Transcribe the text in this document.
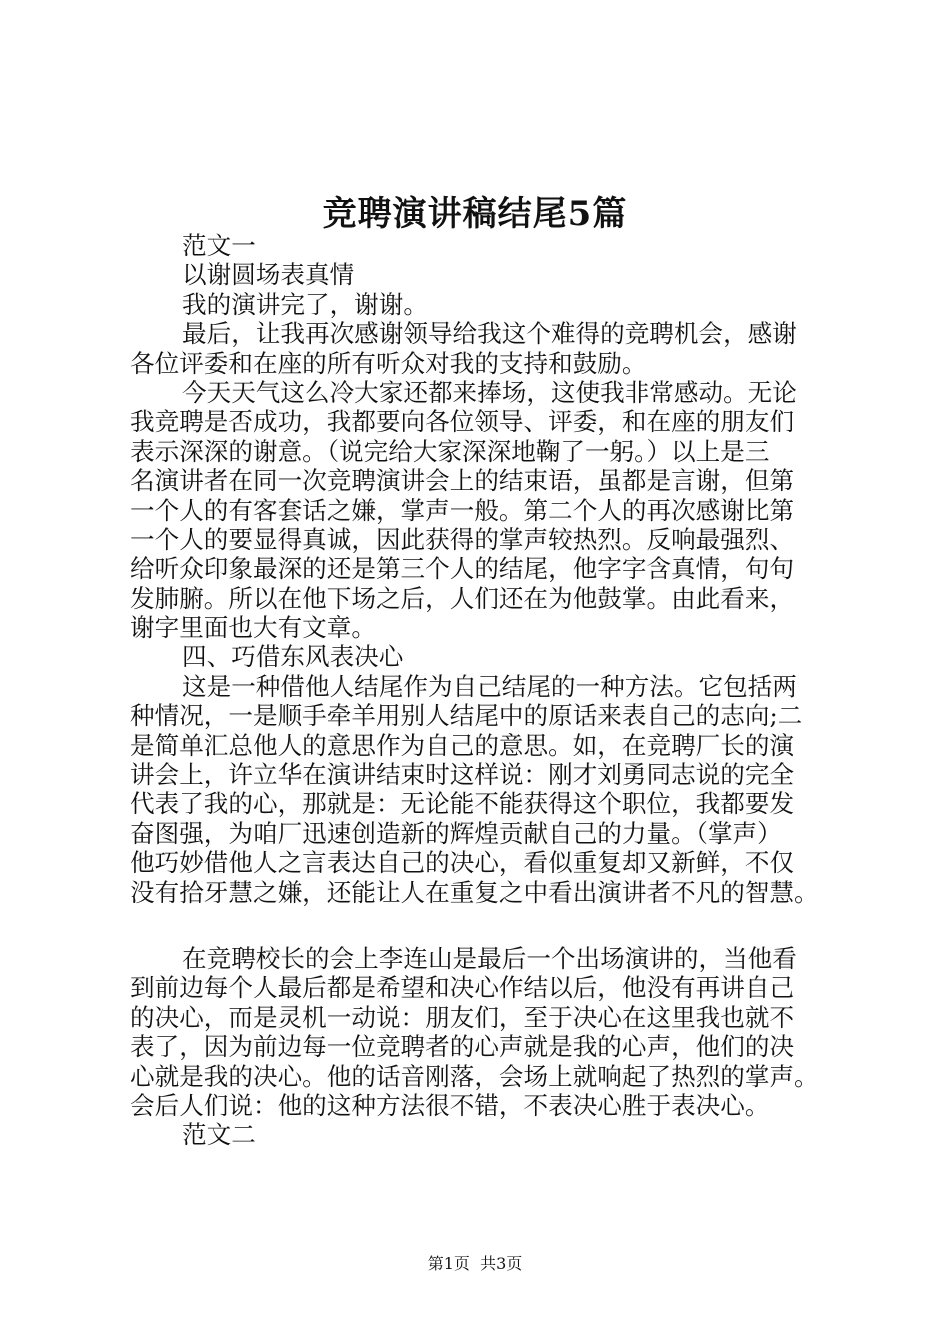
竞聘演讲稿结尾5篇
范文一
以谢圆场表真情
我的演讲完了，谢谢。
最后，让我再次感谢领导给我这个难得的竞聘机会，感谢
各位评委和在座的所有听众对我的支持和鼓励。
今天天气这么冷大家还都来捧场，这使我非常感动。无论
我竞聘是否成功，我都要向各位领导、评委，和在座的朋友们
表示深深的谢意。（说完给大家深深地鞠了一躬。）以上是三
名演讲者在同一次竞聘演讲会上的结束语，虽都是言谢，但第
一个人的有客套话之嫌，掌声一般。第二个人的再次感谢比第
一个人的要显得真诚，因此获得的掌声较热烈。反响最强烈、
给听众印象最深的还是第三个人的结尾，他字字含真情，句句
发肺腑。所以在他下场之后，人们还在为他鼓掌。由此看来，
谢字里面也大有文章。
四、巧借东风表决心
这是一种借他人结尾作为自己结尾的一种方法。它包括两
种情况，一是顺手牵羊用别人结尾中的原话来表自己的志向;二
是简单汇总他人的意思作为自己的意思。如，在竞聘厂长的演
讲会上，许立华在演讲结束时这样说：刚才刘勇同志说的完全
代表了我的心，那就是：无论能不能获得这个职位，我都要发
奋图强，为咱厂迅速创造新的辉煌贡献自己的力量。（掌声）
他巧妙借他人之言表达自己的决心，看似重复却又新鲜，不仅
没有拾牙慧之嫌，还能让人在重复之中看出演讲者不凡的智慧。
在竞聘校长的会上李连山是最后一个出场演讲的，当他看
到前边每个人最后都是希望和决心作结以后，他没有再讲自己
的决心，而是灵机一动说：朋友们，至于决心在这里我也就不
表了，因为前边每一位竞聘者的心声就是我的心声，他们的决
心就是我的决心。他的话音刚落，会场上就响起了热烈的掌声。
会后人们说：他的这种方法很不错，不表决心胜于表决心。
范文二
第1页  共3页
